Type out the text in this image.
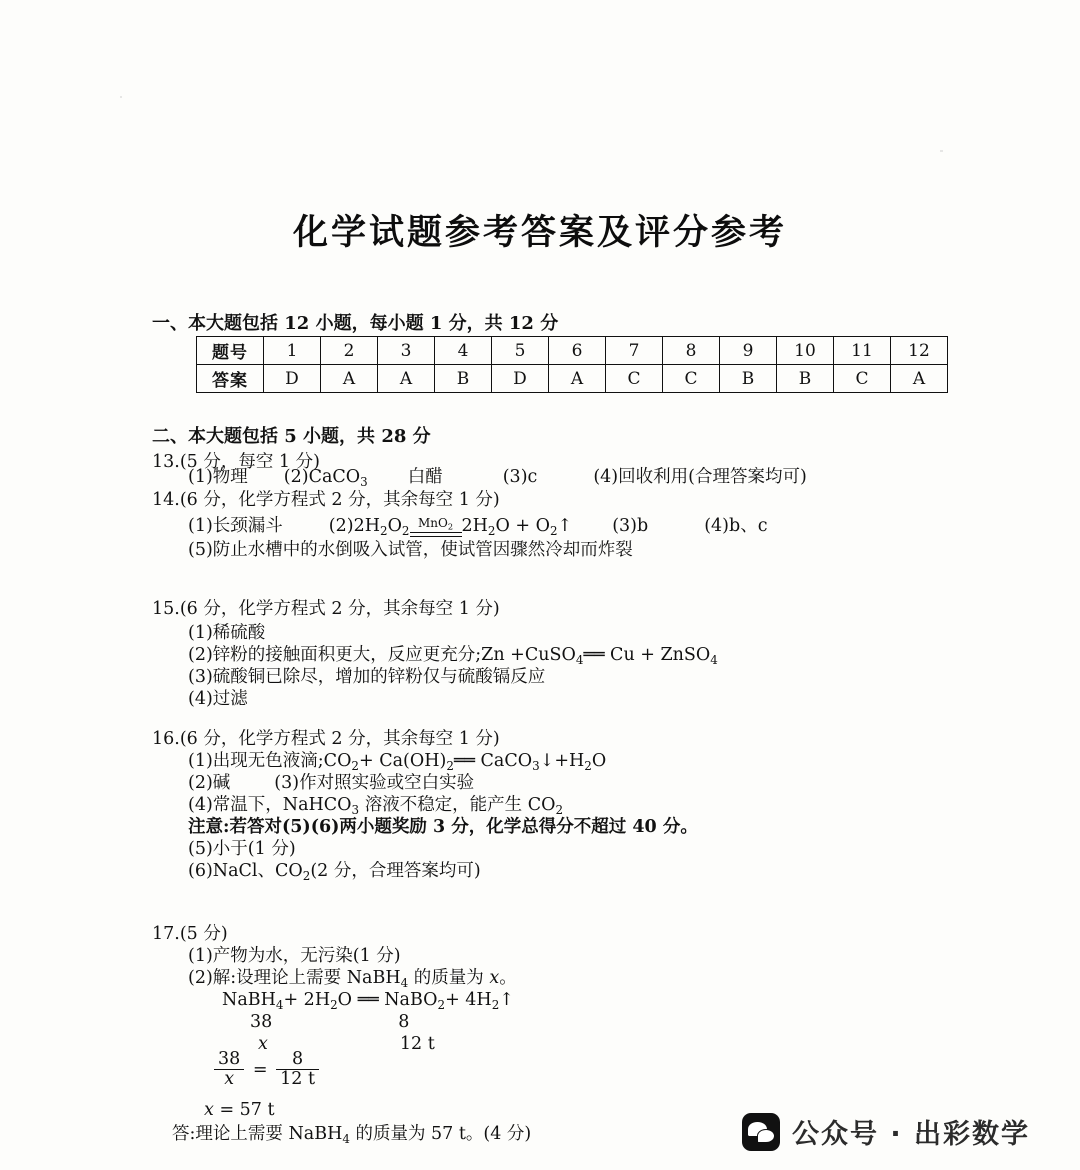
化学试题参考答案及评分参考
一、本大题包括 12 小题，每小题 1 分，共 12 分
题号	1	2	3	4	5	6	7	8	9	10	11	12
答案	D	A	A	B	D	A	C	C	B	B	C	A
二、本大题包括 5 小题，共 28 分
13.(5 分，每空 1 分)
(1)物理 (2)CaCO$_3$ 白醋	(3)c	(4)回收利用(合理答案均可)
14.(6 分，化学方程式 2 分，其余每空 1 分)
(1)长颈漏斗	$(2)2H_2O_2$
MnO$_2$ $2H_2O$ + $O_2↑$ (3)b	(4)b、c
(5)防止水槽中的水倒吸入试管，使试管因骤然冷却而炸裂
15.(6 分，化学方程式 2 分，其余每空 1 分)
(1)稀硫酸
(2)锌粉的接触面积更大，反应更充分;Zn +CuSO$_4$══ Cu + ZnSO$_4$
(3)硫酸铜已除尽，增加的锌粉仅与硫酸镉反应
(4)过滤
16.(6 分，化学方程式 2 分，其余每空 1 分)
(1)出现无色液滴$;CO_2+$ $Ca(OH)_2══$ $CaCO_3↓+H_2O$
(2)碱	(3)作对照实验或空白实验
(4)常温下，NaHCO$_3$ 溶液不稳定，能产生 $CO_2$
注意:若答对(5)(6)两小题奖励 3 分，化学总得分不超过 40 分。
(5)小于(1 分)
(6)NaCl、$CO_2(2$ 分，合理答案均可)
17.(5 分)
(1)产物为水，无污染(1 分)
(2)解:设理论上需要 NaBH$_4$ 的质量为 x。
NaBH$_4$+ $2H_2O$ ══ NaBO$_2$+ $4H_2↑$
38	8
x	12 t
$\frac{38}{x} = \frac{8}{12 t}$
x = 57 t
答:理论上需要 NaBH$_4$ 的质量为 57 t。(4 分)	公众号 · 出彩数学
